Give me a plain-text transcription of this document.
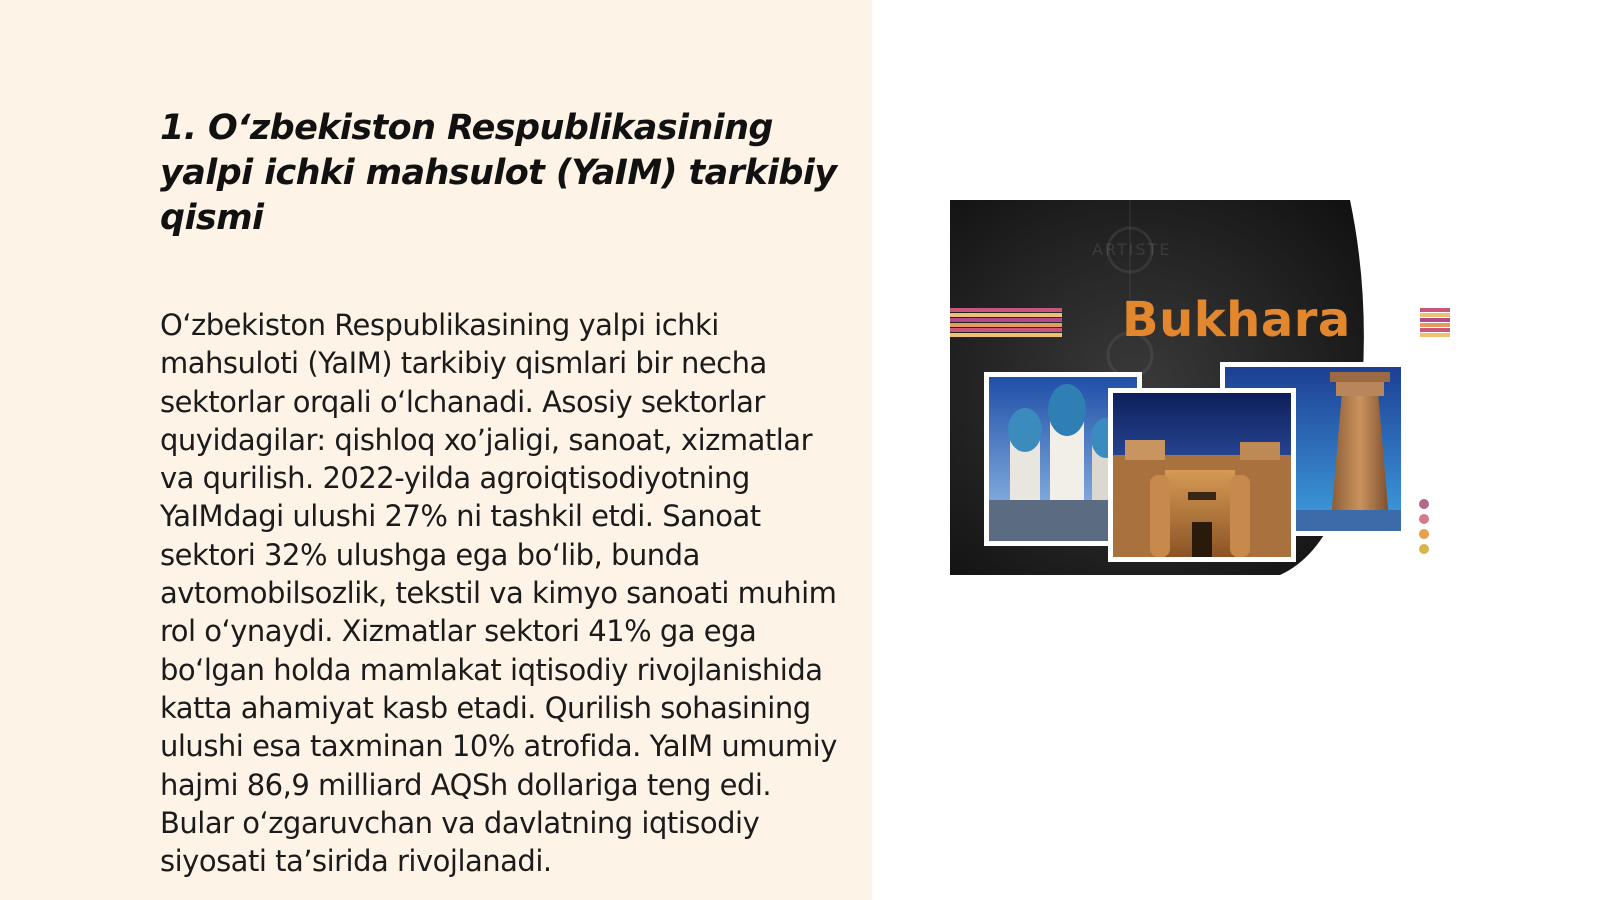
1. O‘zbekiston Respublikasining yalpi ichki mahsulot (YaIM) tarkibiy qismi

O‘zbekiston Respublikasining yalpi ichki mahsuloti (YaIM) tarkibiy qismlari bir necha sektorlar orqali o‘lchanadi. Asosiy sektorlar quyidagilar: qishloq xo’jaligi, sanoat, xizmatlar va qurilish. 2022-yilda agroiqtisodiyotning YaIMdagi ulushi 27% ni tashkil etdi. Sanoat sektori 32% ulushga ega bo‘lib, bunda avtomobilsozlik, tekstil va kimyo sanoati muhim rol o‘ynaydi. Xizmatlar sektori 41% ga ega bo‘lgan holda mamlakat iqtisodiy rivojlanishida katta ahamiyat kasb etadi. Qurilish sohasining ulushi esa taxminan 10% atrofida. YaIM umumiy hajmi 86,9 milliard AQSh dollariga teng edi. Bular o‘zgaruvchan va davlatning iqtisodiy siyosati ta’sirida rivojlanadi.

ARTISTE
Bukhara
